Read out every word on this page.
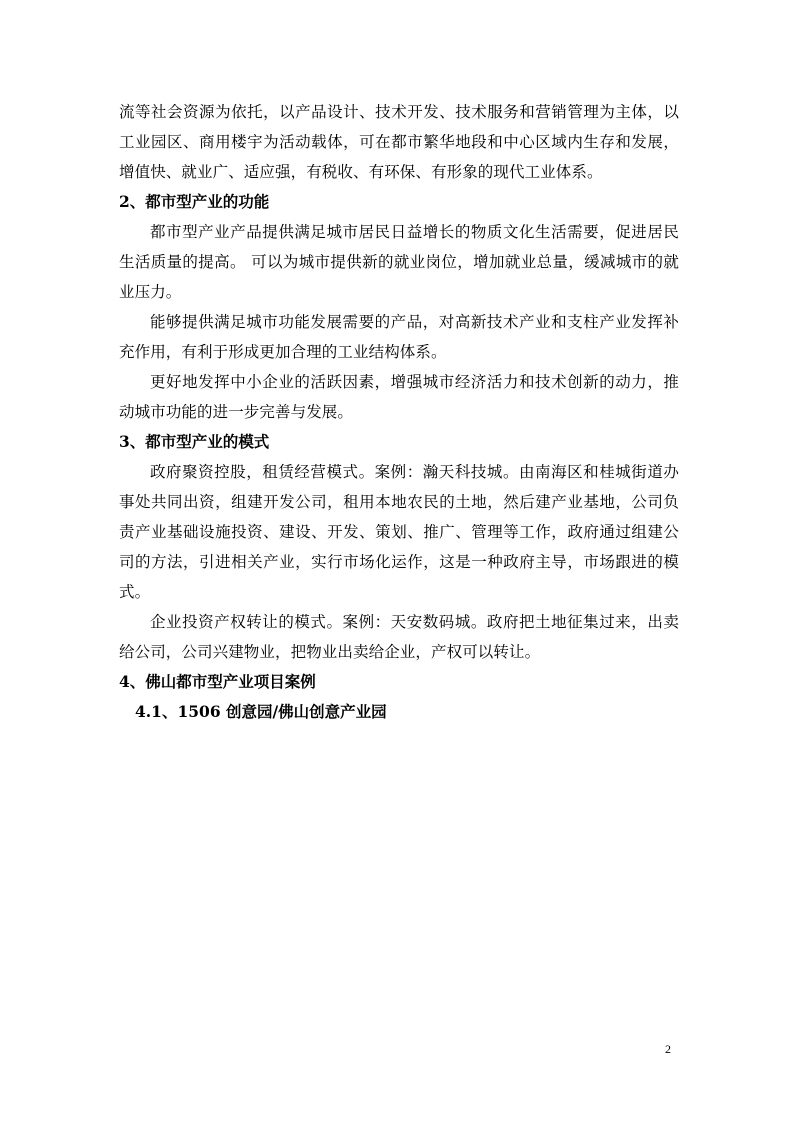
流等社会资源为依托，以产品设计、技术开发、技术服务和营销管理为主体，以工业园区、商用楼宇为活动载体，可在都市繁华地段和中心区域内生存和发展，增值快、就业广、适应强，有税收、有环保、有形象的现代工业体系。

2、都市型产业的功能

都市型产业产品提供满足城市居民日益增长的物质文化生活需要，促进居民生活质量的提高。 可以为城市提供新的就业岗位，增加就业总量，缓减城市的就业压力。

能够提供满足城市功能发展需要的产品，对高新技术产业和支柱产业发挥补充作用，有利于形成更加合理的工业结构体系。

更好地发挥中小企业的活跃因素，增强城市经济活力和技术创新的动力，推动城市功能的进一步完善与发展。

3、都市型产业的模式

政府聚资控股，租赁经营模式。案例：瀚天科技城。由南海区和桂城街道办事处共同出资，组建开发公司，租用本地农民的土地，然后建产业基地，公司负责产业基础设施投资、建设、开发、策划、推广、管理等工作，政府通过组建公司的方法，引进相关产业，实行市场化运作，这是一种政府主导，市场跟进的模式。

企业投资产权转让的模式。案例：天安数码城。政府把土地征集过来，出卖给公司，公司兴建物业，把物业出卖给企业，产权可以转让。

4、佛山都市型产业项目案例
4.1、1506 创意园/佛山创意产业园
2
